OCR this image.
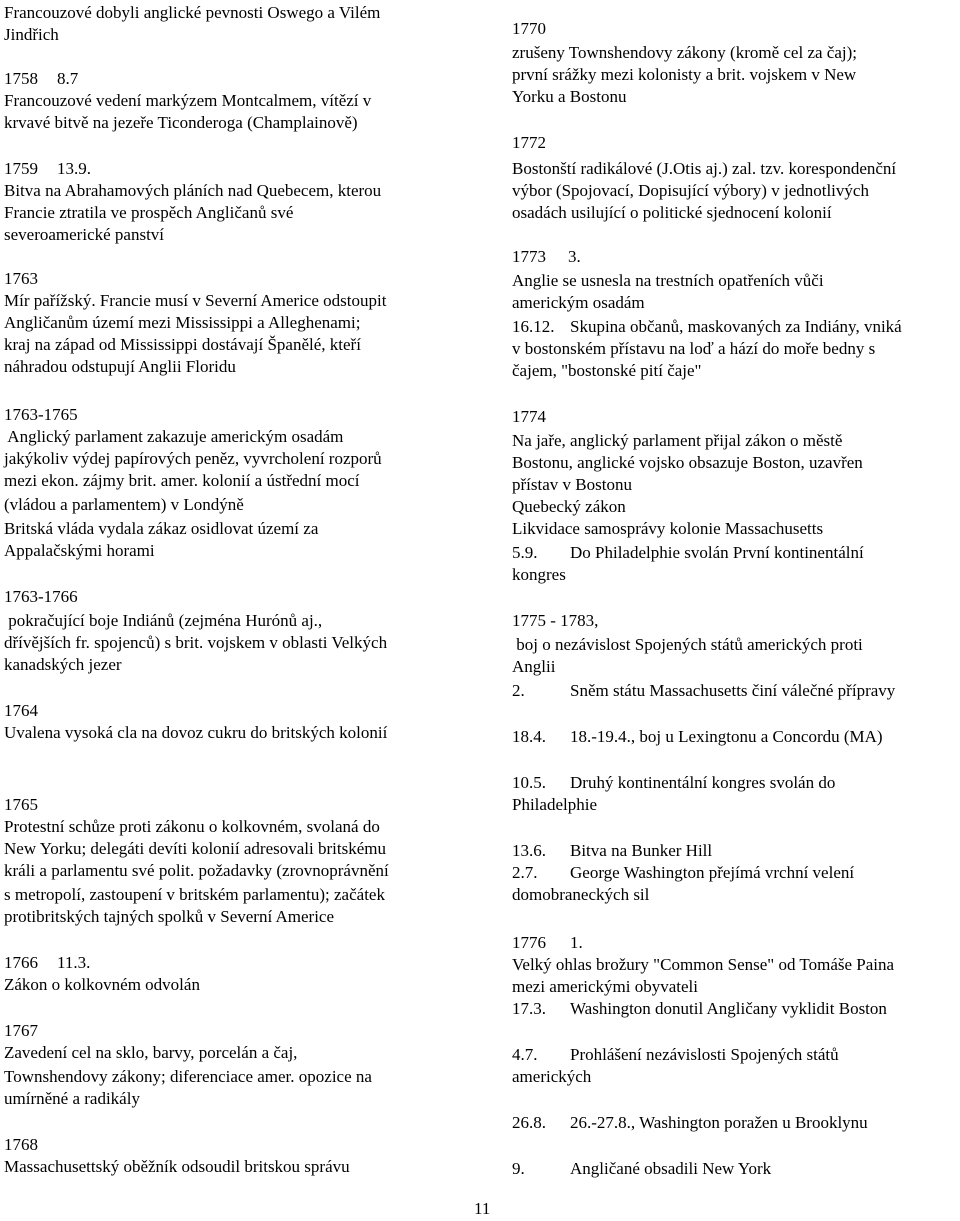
Francouzové dobyli anglické pevnosti Oswego a Vilém

Jindřich

1758 8.7

Francouzové vedení markýzem Montcalmem, vítězí v

krvavé bitvě na jezeře Ticonderoga (Champlainově)

1759 13.9.

Bitva na Abrahamových pláních nad Quebecem, kterou

Francie ztratila ve prospěch Angličanů své

severoamerické panství

1763

Mír pařížský. Francie musí v Severní Americe odstoupit

Angličanům území mezi Mississippi a Alleghenami;

kraj na západ od Mississippi dostávají Španělé, kteří

náhradou odstupují Anglii Floridu

1763-1765

Anglický parlament zakazuje americkým osadám

jakýkoliv výdej papírových peněz, vyvrcholení rozporů

mezi ekon. zájmy brit. amer. kolonií a ústřední mocí

(vládou a parlamentem) v Londýně

Britská vláda vydala zákaz osidlovat území za

Appalačskými horami

1763-1766

pokračující boje Indiánů (zejména Hurónů aj.,

dřívějších fr. spojenců) s brit. vojskem v oblasti Velkých

kanadských jezer

1764

Uvalena vysoká cla na dovoz cukru do britských kolonií

1765

Protestní schůze proti zákonu o kolkovném, svolaná do

New Yorku; delegáti devíti kolonií adresovali britskému

králi a parlamentu své polit. požadavky (zrovnoprávnění

s metropolí, zastoupení v britském parlamentu); začátek

protibritských tajných spolků v Severní Americe

1766 11.3.

Zákon o kolkovném odvolán

1767

Zavedení cel na sklo, barvy, porcelán a čaj,

Townshendovy zákony; diferenciace amer. opozice na

umírněné a radikály

1768

Massachusettský oběžník odsoudil britskou správu

1770

zrušeny Townshendovy zákony (kromě cel za čaj);

první srážky mezi kolonisty a brit. vojskem v New

Yorku a Bostonu

1772

Bostonští radikálové (J.Otis aj.) zal. tzv. korespondenční

výbor (Spojovací, Dopisující výbory) v jednotlivých

osadách usilující o politické sjednocení kolonií

1773 3.

Anglie se usnesla na trestních opatřeních vůči

americkým osadám

16.12. Skupina občanů, maskovaných za Indiány, vniká

v bostonském přístavu na loď a hází do moře bedny s

čajem, "bostonské pití čaje"

1774

Na jaře, anglický parlament přijal zákon o městě

Bostonu, anglické vojsko obsazuje Boston, uzavřen

přístav v Bostonu

Quebecký zákon

Likvidace samosprávy kolonie Massachusetts

5.9. Do Philadelphie svolán První kontinentální

kongres

1775 - 1783,

boj o nezávislost Spojených států amerických proti

Anglii

2.	Sněm státu Massachusetts činí válečné přípravy

18.4. 18.-19.4., boj u Lexingtonu a Concordu (MA)

10.5. Druhý kontinentální kongres svolán do

Philadelphie

13.6. Bitva na Bunker Hill

2.7. George Washington přejímá vrchní velení

domobraneckých sil

1776 1.

Velký ohlas brožury "Common Sense" od Tomáše Paina

mezi americkými obyvateli

17.3. Washington donutil Angličany vyklidit Boston

4.7. Prohlášení nezávislosti Spojených států

amerických

26.8. 26.-27.8., Washington poražen u Brooklynu

9.	Angličané obsadili New York

11
